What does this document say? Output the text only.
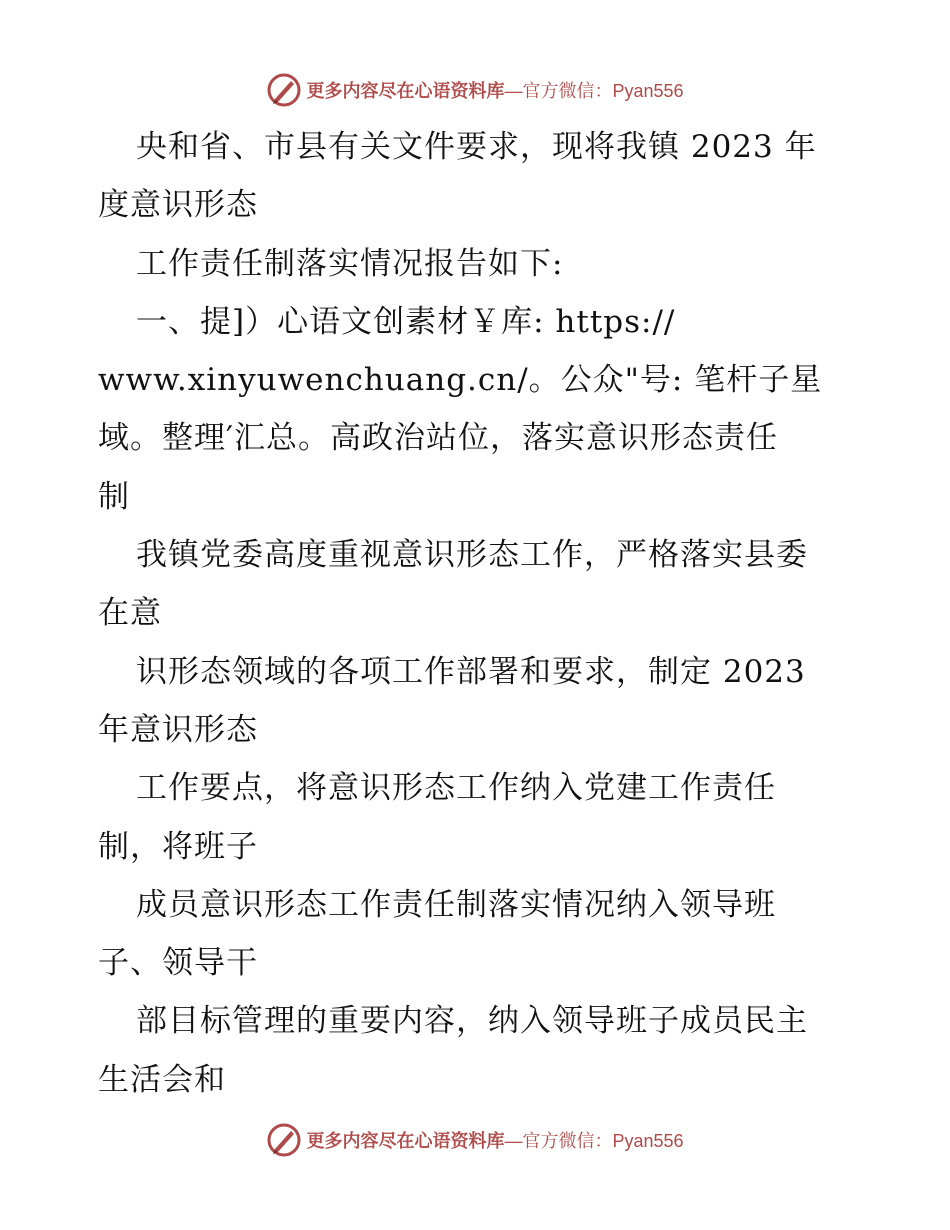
更多内容尽在心语资料库 —官方微信：Pyan556
央和省、市县有关文件要求，现将我镇 2023 年
度意识形态
工作责任制落实情况报告如下:
一、提]）心语文创素材￥库: https://
www.xinyuwenchuang.cn/。公众"号: 笔杆子星
域。整理′汇总。高政治站位，落实意识形态责任
制
我镇党委高度重视意识形态工作，严格落实县委
在意
识形态领域的各项工作部署和要求，制定 2023
年意识形态
工作要点，将意识形态工作纳入党建工作责任
制，将班子
成员意识形态工作责任制落实情况纳入领导班
子、领导干
部目标管理的重要内容，纳入领导班子成员民主
生活会和
更多内容尽在心语资料库 —官方微信：Pyan556
